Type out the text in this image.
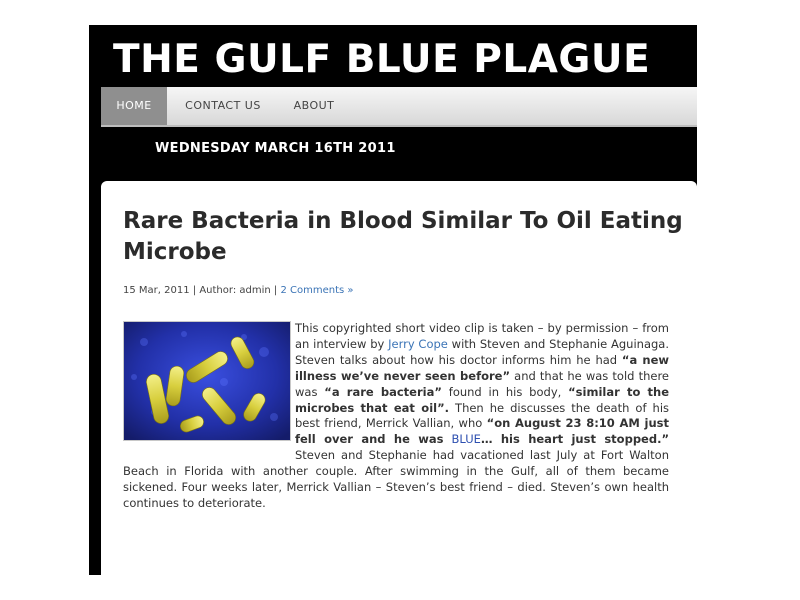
THE GULF BLUE PLAGUE
HOME	CONTACT US	ABOUT
WEDNESDAY MARCH 16TH 2011
Rare Bacteria in Blood Similar To Oil Eating Microbe
15 Mar, 2011 | Author: admin | 2 Comments »

This copyrighted short video clip is taken – by permission – from an interview by Jerry Cope with Steven and Stephanie Aguinaga. Steven talks about how his doctor informs him he had “a new illness we’ve never seen before” and that he was told there was “a rare bacteria” found in his body, “similar to the microbes that eat oil”. Then he discusses the death of his best friend, Merrick Vallian, who “on August 23 8:10 AM just fell over and he was BLUE… his heart just stopped.” Steven and Stephanie had vacationed last July at Fort Walton Beach in Florida with another couple. After swimming in the Gulf, all of them became sickened. Four weeks later, Merrick Vallian – Steven’s best friend – died. Steven’s own health continues to deteriorate.
